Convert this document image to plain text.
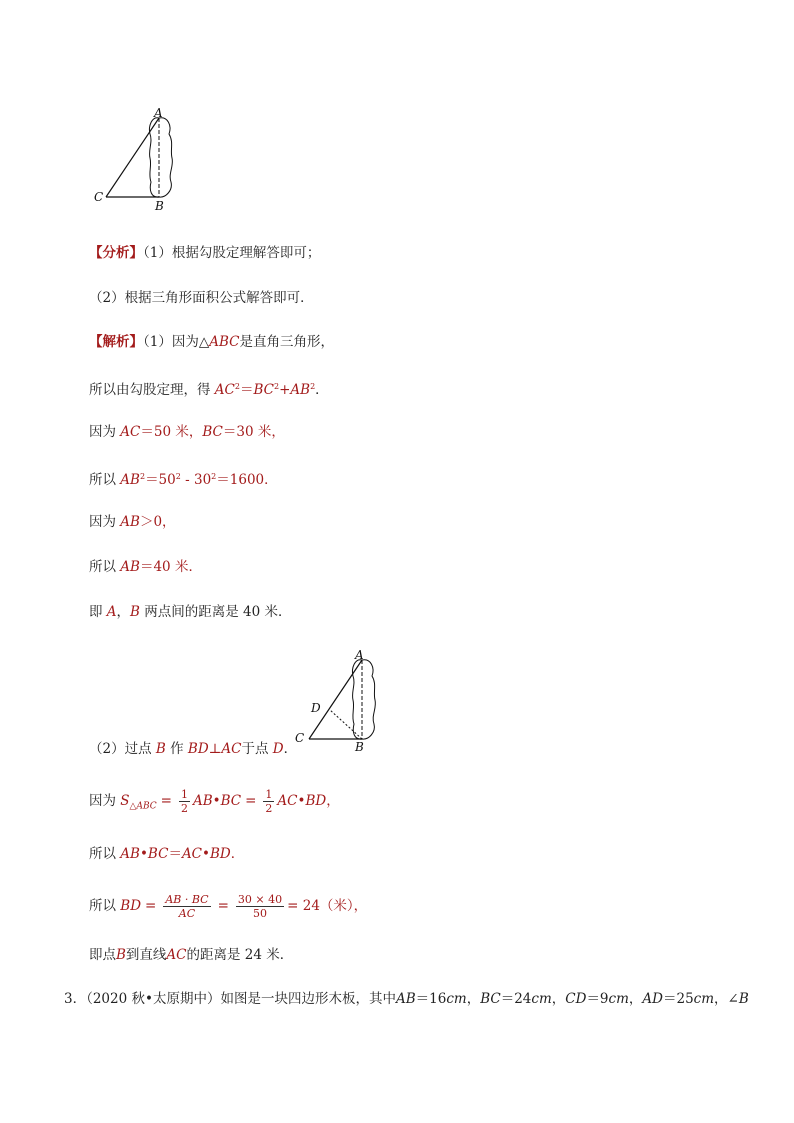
A
C
B
【分析】（1）根据勾股定理解答即可；
（2）根据三角形面积公式解答即可．
【解析】（1）因为△ABC是直角三角形，
所以由勾股定理，得 $AC^2=BC^2+AB^2$．
因为 AC＝50 米，BC＝30 米，
所以 $AB^2=50^2 - 30^2=1600$．
因为 AB＞0，
所以 AB＝40 米．
即 A，B 两点间的距离是 40 米．
A
D
C
B
（2）过点 B 作 BD⊥AC于点 D．
因为 $S_{\triangle ABC} = \frac{1}{2}$ AB•BC = $\frac{1}{2}$ AC•BD，
所以 AB•BC＝AC•BD．
所以 BD = $\frac{AB \cdot BC}{AC} = \frac{30 \times 40}{50} = 24$（米），
即点B到直线AC的距离是 24 米．
3．（2020 秋•太原期中）如图是一块四边形木板，其中AB＝16cm，BC＝24cm，CD＝9cm，AD＝25cm，∠B
